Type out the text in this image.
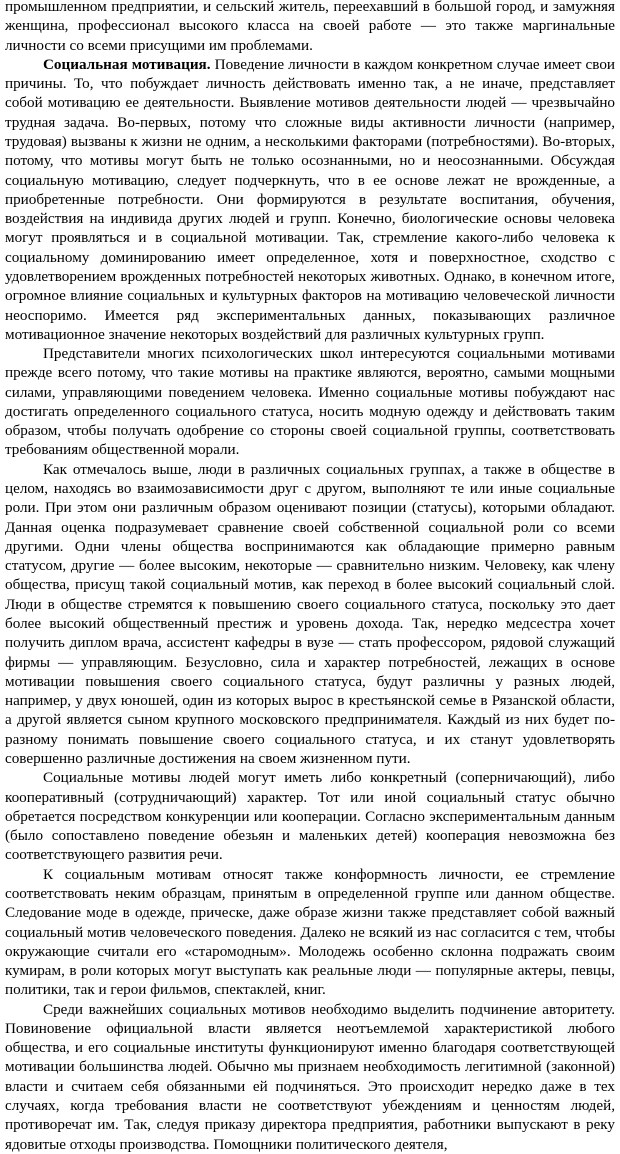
промышленном предприятии, и сельский житель, переехавший в большой город, и замужняя женщина, профессионал высокого класса на своей работе — это также маргинальные личности со всеми присущими им проблемами.

Социальная мотивация. Поведение личности в каждом конкретном случае имеет свои причины. То, что побуждает личность действовать именно так, а не иначе, представляет собой мотивацию ее деятельности. Выявление мотивов деятельности людей — чрезвычайно трудная задача. Во-первых, потому что сложные виды активности личности (например, трудовая) вызваны к жизни не одним, а несколькими факторами (потребностями). Во-вторых, потому, что мотивы могут быть не только осознанными, но и неосознанными. Обсуждая социальную мотивацию, следует подчеркнуть, что в ее основе лежат не врожденные, а приобретенные потребности. Они формируются в результате воспитания, обучения, воздействия на индивида других людей и групп. Конечно, биологические основы человека могут проявляться и в социальной мотивации. Так, стремление какого-либо человека к социальному доминированию имеет определенное, хотя и поверхностное, сходство с удовлетворением врожденных потребностей некоторых животных. Однако, в конечном итоге, огромное влияние социальных и культурных факторов на мотивацию человеческой личности неоспоримо. Имеется ряд экспериментальных данных, показывающих различное мотивационное значение некоторых воздействий для различных культурных групп.

Представители многих психологических школ интересуются социальными мотивами прежде всего потому, что такие мотивы на практике являются, вероятно, самыми мощными силами, управляющими поведением человека. Именно социальные мотивы побуждают нас достигать определенного социального статуса, носить модную одежду и действовать таким образом, чтобы получать одобрение со стороны своей социальной группы, соответствовать требованиям общественной морали.

Как отмечалось выше, люди в различных социальных группах, а также в обществе в целом, находясь во взаимозависимости друг с другом, выполняют те или иные социальные роли. При этом они различным образом оценивают позиции (статусы), которыми обладают. Данная оценка подразумевает сравнение своей собственной социальной роли со всеми другими. Одни члены общества воспринимаются как обладающие примерно равным статусом, другие — более высоким, некоторые — сравнительно низким. Человеку, как члену общества, присущ такой социальный мотив, как переход в более высокий социальный слой. Люди в обществе стремятся к повышению своего социального статуса, поскольку это дает более высокий общественный престиж и уровень дохода. Так, нередко медсестра хочет получить диплом врача, ассистент кафедры в вузе — стать профессором, рядовой служащий фирмы — управляющим. Безусловно, сила и характер потребностей, лежащих в основе мотивации повышения своего социального статуса, будут различны у разных людей, например, у двух юношей, один из которых вырос в крестьянской семье в Рязанской области, а другой является сыном крупного московского предпринимателя. Каждый из них будет по-разному понимать повышение своего социального статуса, и их станут удовлетворять совершенно различные достижения на своем жизненном пути.

Социальные мотивы людей могут иметь либо конкретный (соперничающий), либо кооперативный (сотрудничающий) характер. Тот или иной социальный статус обычно обретается посредством конкуренции или кооперации. Согласно экспериментальным данным (было сопоставлено поведение обезьян и маленьких детей) кооперация невозможна без соответствующего развития речи.

К социальным мотивам относят также конформность личности, ее стремление соответствовать неким образцам, принятым в определенной группе или данном обществе. Следование моде в одежде, прическе, даже образе жизни также представляет собой важный социальный мотив человеческого поведения. Далеко не всякий из нас согласится с тем, чтобы окружающие считали его «старомодным». Молодежь особенно склонна подражать своим кумирам, в роли которых могут выступать как реальные люди — популярные актеры, певцы, политики, так и герои фильмов, спектаклей, книг.

Среди важнейших социальных мотивов необходимо выделить подчинение авторитету. Повиновение официальной власти является неотъемлемой характеристикой любого общества, и его социальные институты функционируют именно благодаря соответствующей мотивации большинства людей. Обычно мы признаем необходимость легитимной (законной) власти и считаем себя обязанными ей подчиняться. Это происходит нередко даже в тех случаях, когда требования власти не соответствуют убеждениям и ценностям людей, противоречат им. Так, следуя приказу директора предприятия, работники выпускают в реку ядовитые отходы производства. Помощники политического деятеля,
